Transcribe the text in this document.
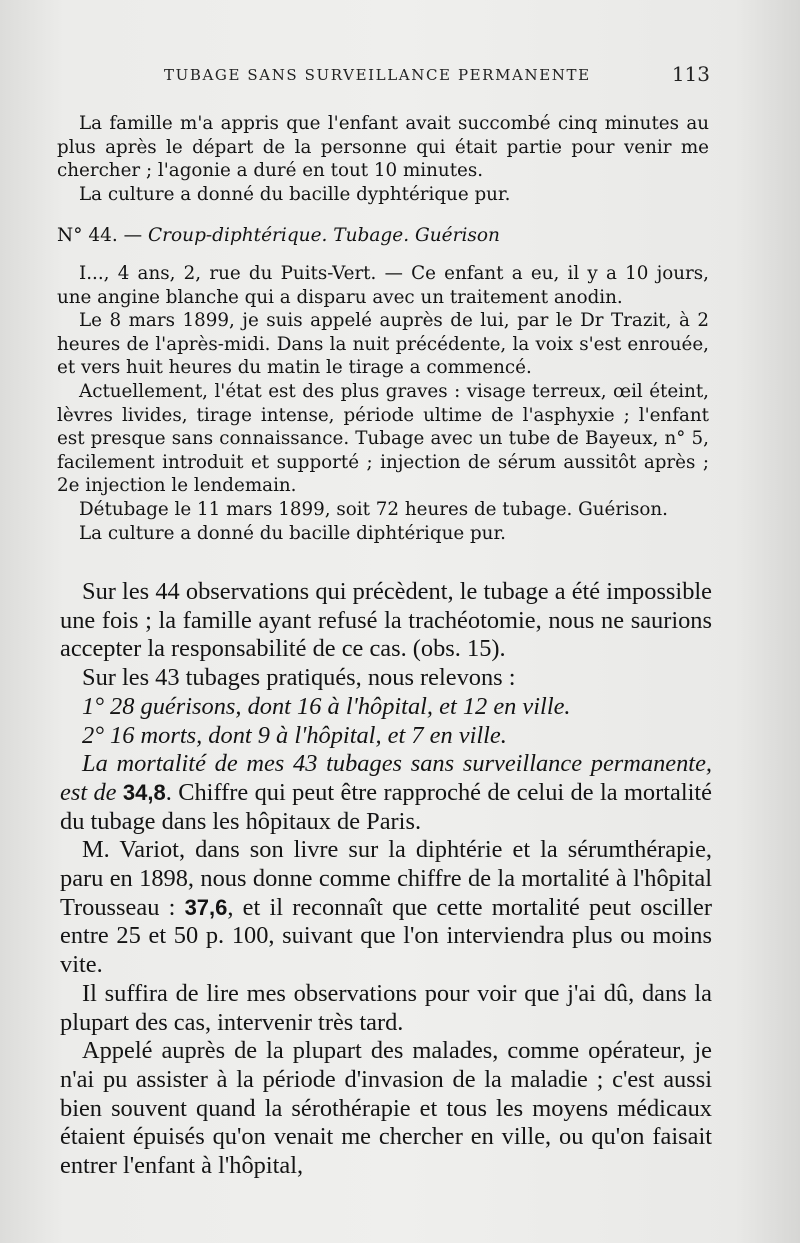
TUBAGE SANS SURVEILLANCE PERMANENTE	113

La famille m'a appris que l'enfant avait succombé cinq minutes au plus après le départ de la personne qui était partie pour venir me chercher ; l'agonie a duré en tout 10 minutes.

La culture a donné du bacille dyphtérique pur.

N° 44. — Croup-diphtérique. Tubage. Guérison

I..., 4 ans, 2, rue du Puits-Vert. — Ce enfant a eu, il y a 10 jours, une angine blanche qui a disparu avec un traitement anodin.

Le 8 mars 1899, je suis appelé auprès de lui, par le Dr Trazit, à 2 heures de l'après-midi. Dans la nuit précédente, la voix s'est enrouée, et vers huit heures du matin le tirage a commencé.

Actuellement, l'état est des plus graves : visage terreux, œil éteint, lèvres livides, tirage intense, période ultime de l'asphyxie ; l'enfant est presque sans connaissance. Tubage avec un tube de Bayeux, n° 5, facilement introduit et supporté ; injection de sérum aussitôt après ; 2e injection le lendemain.

Détubage le 11 mars 1899, soit 72 heures de tubage. Guérison.

La culture a donné du bacille diphtérique pur.

Sur les 44 observations qui précèdent, le tubage a été impossible une fois ; la famille ayant refusé la trachéotomie, nous ne saurions accepter la responsabilité de ce cas. (obs. 15).

Sur les 43 tubages pratiqués, nous relevons :

1° 28 guérisons, dont 16 à l'hôpital, et 12 en ville.

2° 16 morts, dont 9 à l'hôpital, et 7 en ville.

La mortalité de mes 43 tubages sans surveillance permanente, est de 34,8. Chiffre qui peut être rapproché de celui de la mortalité du tubage dans les hôpitaux de Paris.

M. Variot, dans son livre sur la diphtérie et la sérumthérapie, paru en 1898, nous donne comme chiffre de la mortalité à l'hôpital Trousseau : 37,6, et il reconnaît que cette mortalité peut osciller entre 25 et 50 p. 100, suivant que l'on interviendra plus ou moins vite.

Il suffira de lire mes observations pour voir que j'ai dû, dans la plupart des cas, intervenir très tard.

Appelé auprès de la plupart des malades, comme opérateur, je n'ai pu assister à la période d'invasion de la maladie ; c'est aussi bien souvent quand la sérothérapie et tous les moyens médicaux étaient épuisés qu'on venait me chercher en ville, ou qu'on faisait entrer l'enfant à l'hôpital,
